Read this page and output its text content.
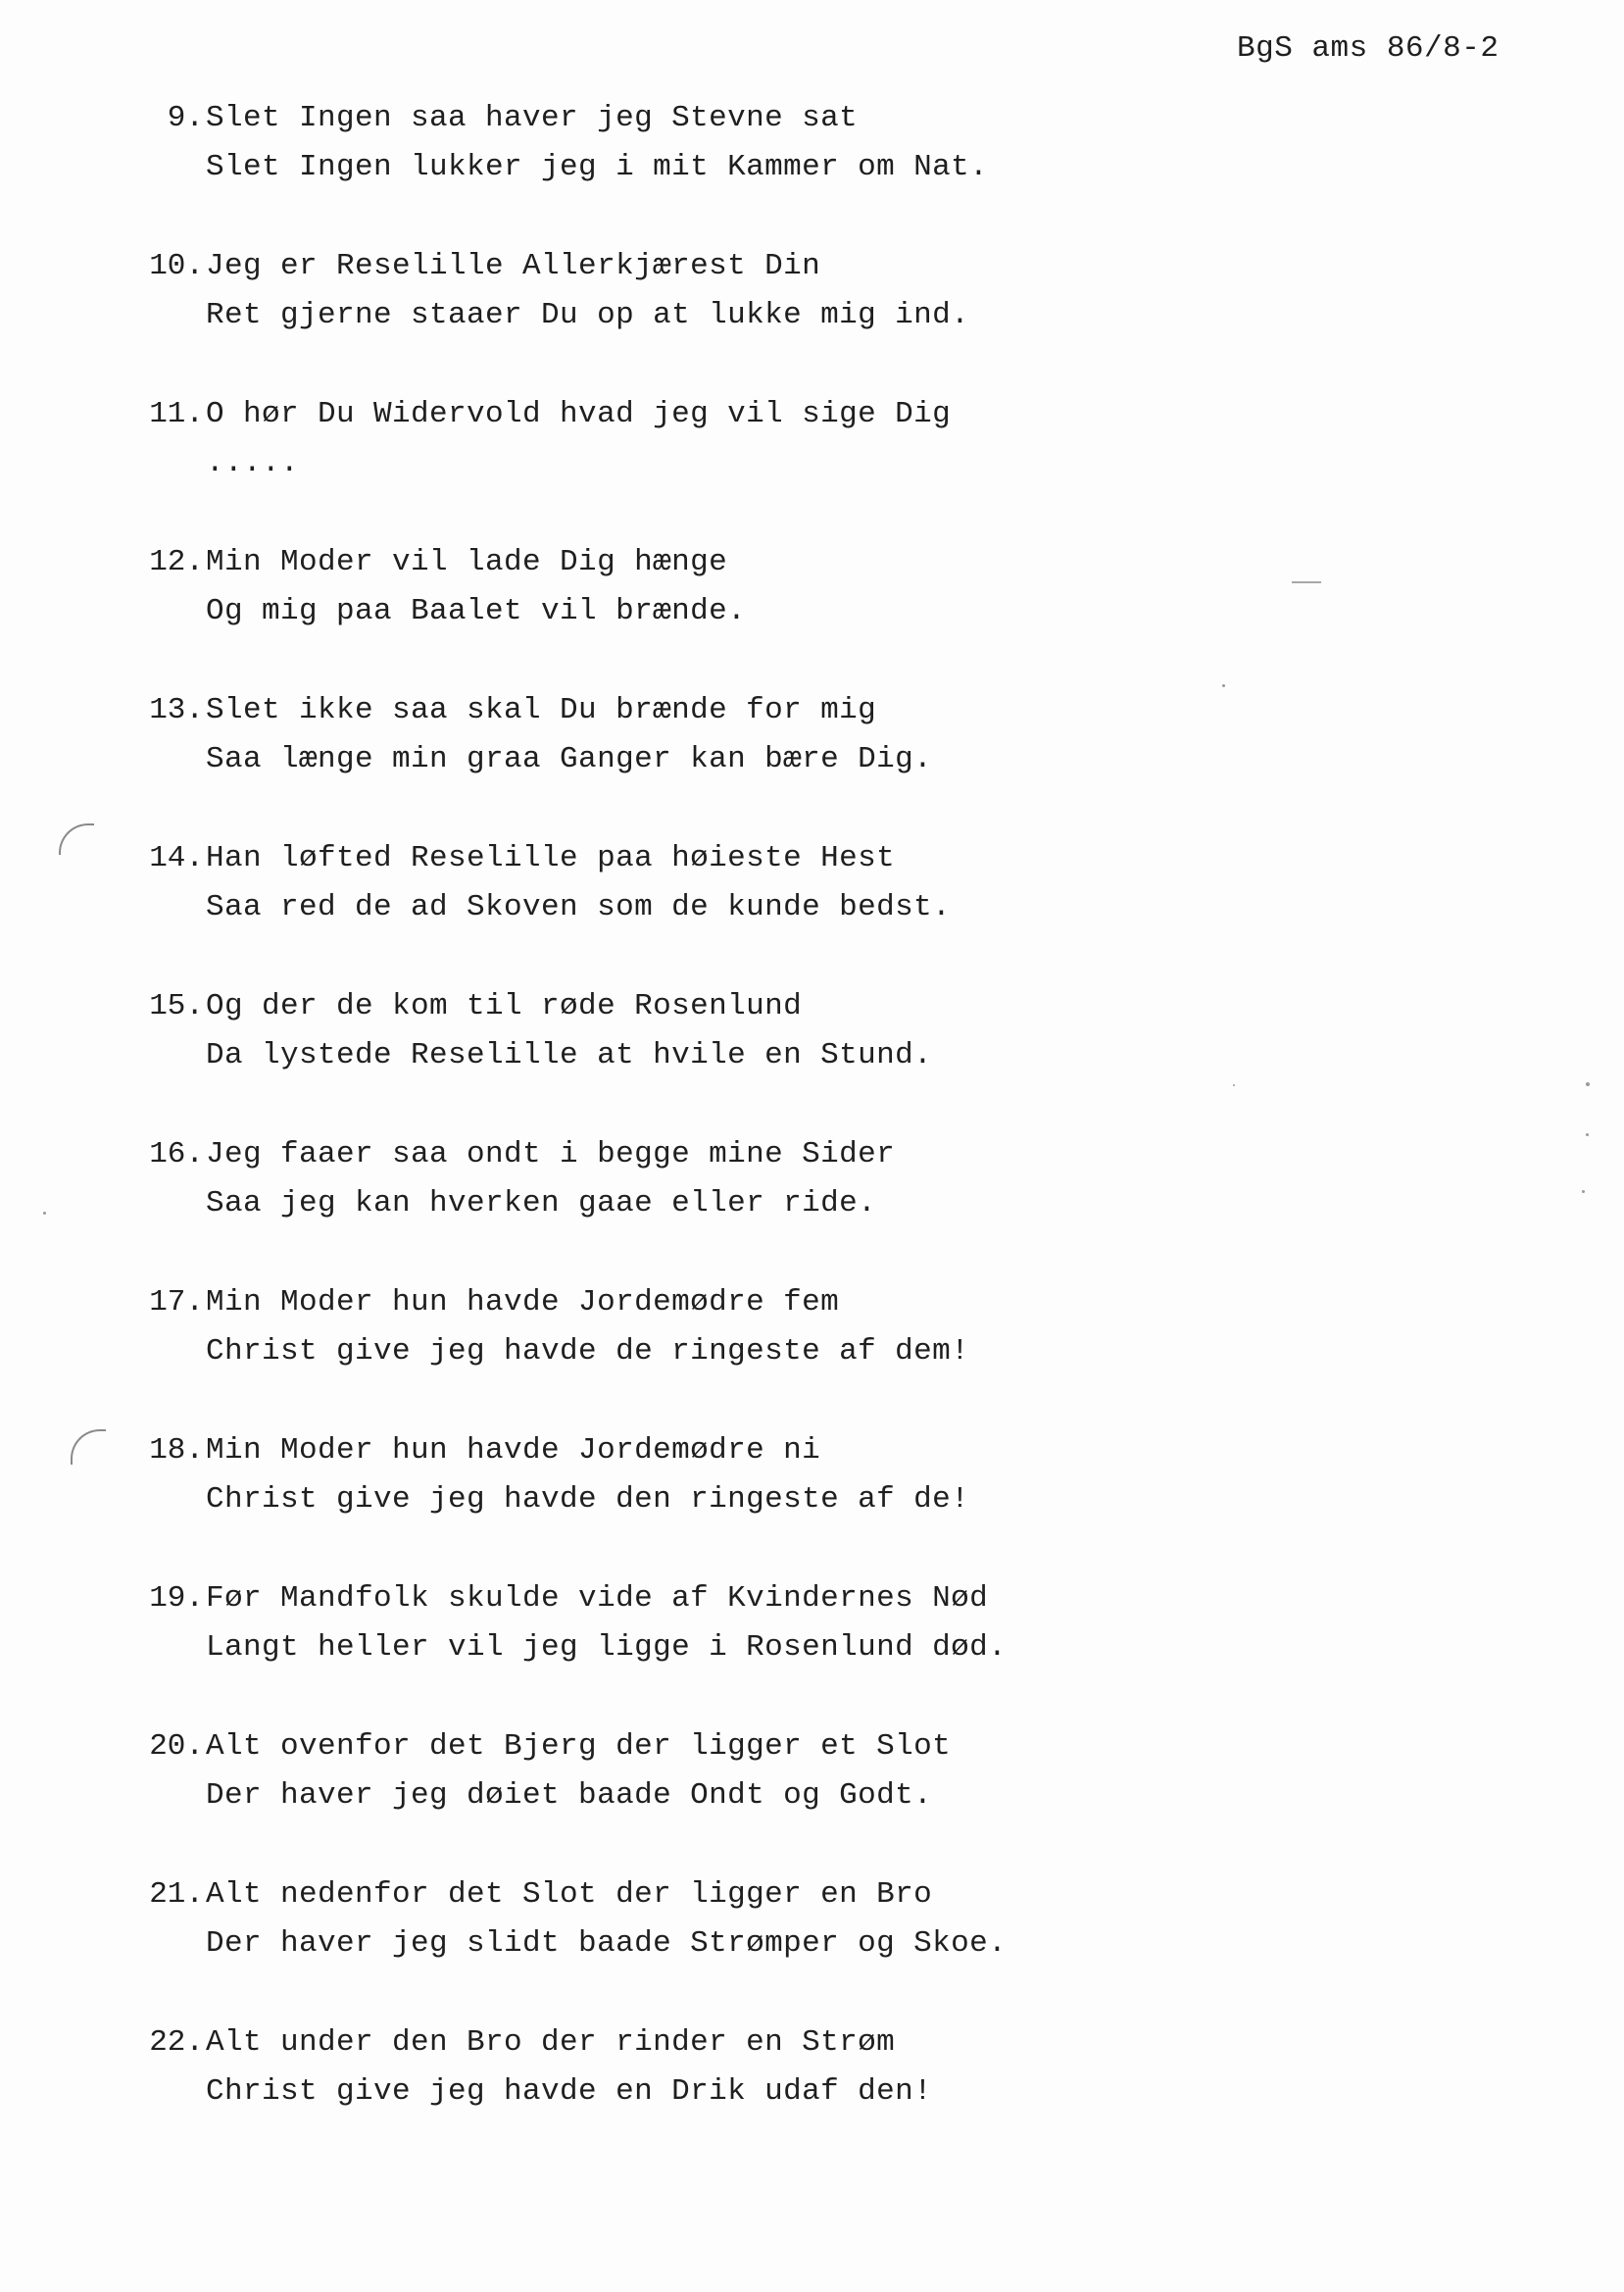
BgS ams 86/8-2
9. Slet Ingen saa haver jeg Stevne sat
Slet Ingen lukker jeg i mit Kammer om Nat.
10. Jeg er Reselille Allerkjærest Din
Ret gjerne staaer Du op at lukke mig ind.
11. O hør Du Widervold hvad jeg vil sige Dig
.....
12. Min Moder vil lade Dig hænge
Og mig paa Baalet vil brænde.
13. Slet ikke saa skal Du brænde for mig
Saa længe min graa Ganger kan bære Dig.
14. Han løfted Reselille paa høieste Hest
Saa red de ad Skoven som de kunde bedst.
15. Og der de kom til røde Rosenlund
Da lystede Reselille at hvile en Stund.
16. Jeg faaer saa ondt i begge mine Sider
Saa jeg kan hverken gaae eller ride.
17. Min Moder hun havde Jordemødre fem
Christ give jeg havde de ringeste af dem!
18. Min Moder hun havde Jordemødre ni
Christ give jeg havde den ringeste af de!
19. Før Mandfolk skulde vide af Kvindernes Nød
Langt heller vil jeg ligge i Rosenlund død.
20. Alt ovenfor det Bjerg der ligger et Slot
Der haver jeg døiet baade Ondt og Godt.
21. Alt nedenfor det Slot der ligger en Bro
Der haver jeg slidt baade Strømper og Skoe.
22. Alt under den Bro der rinder en Strøm
Christ give jeg havde en Drik udaf den!
